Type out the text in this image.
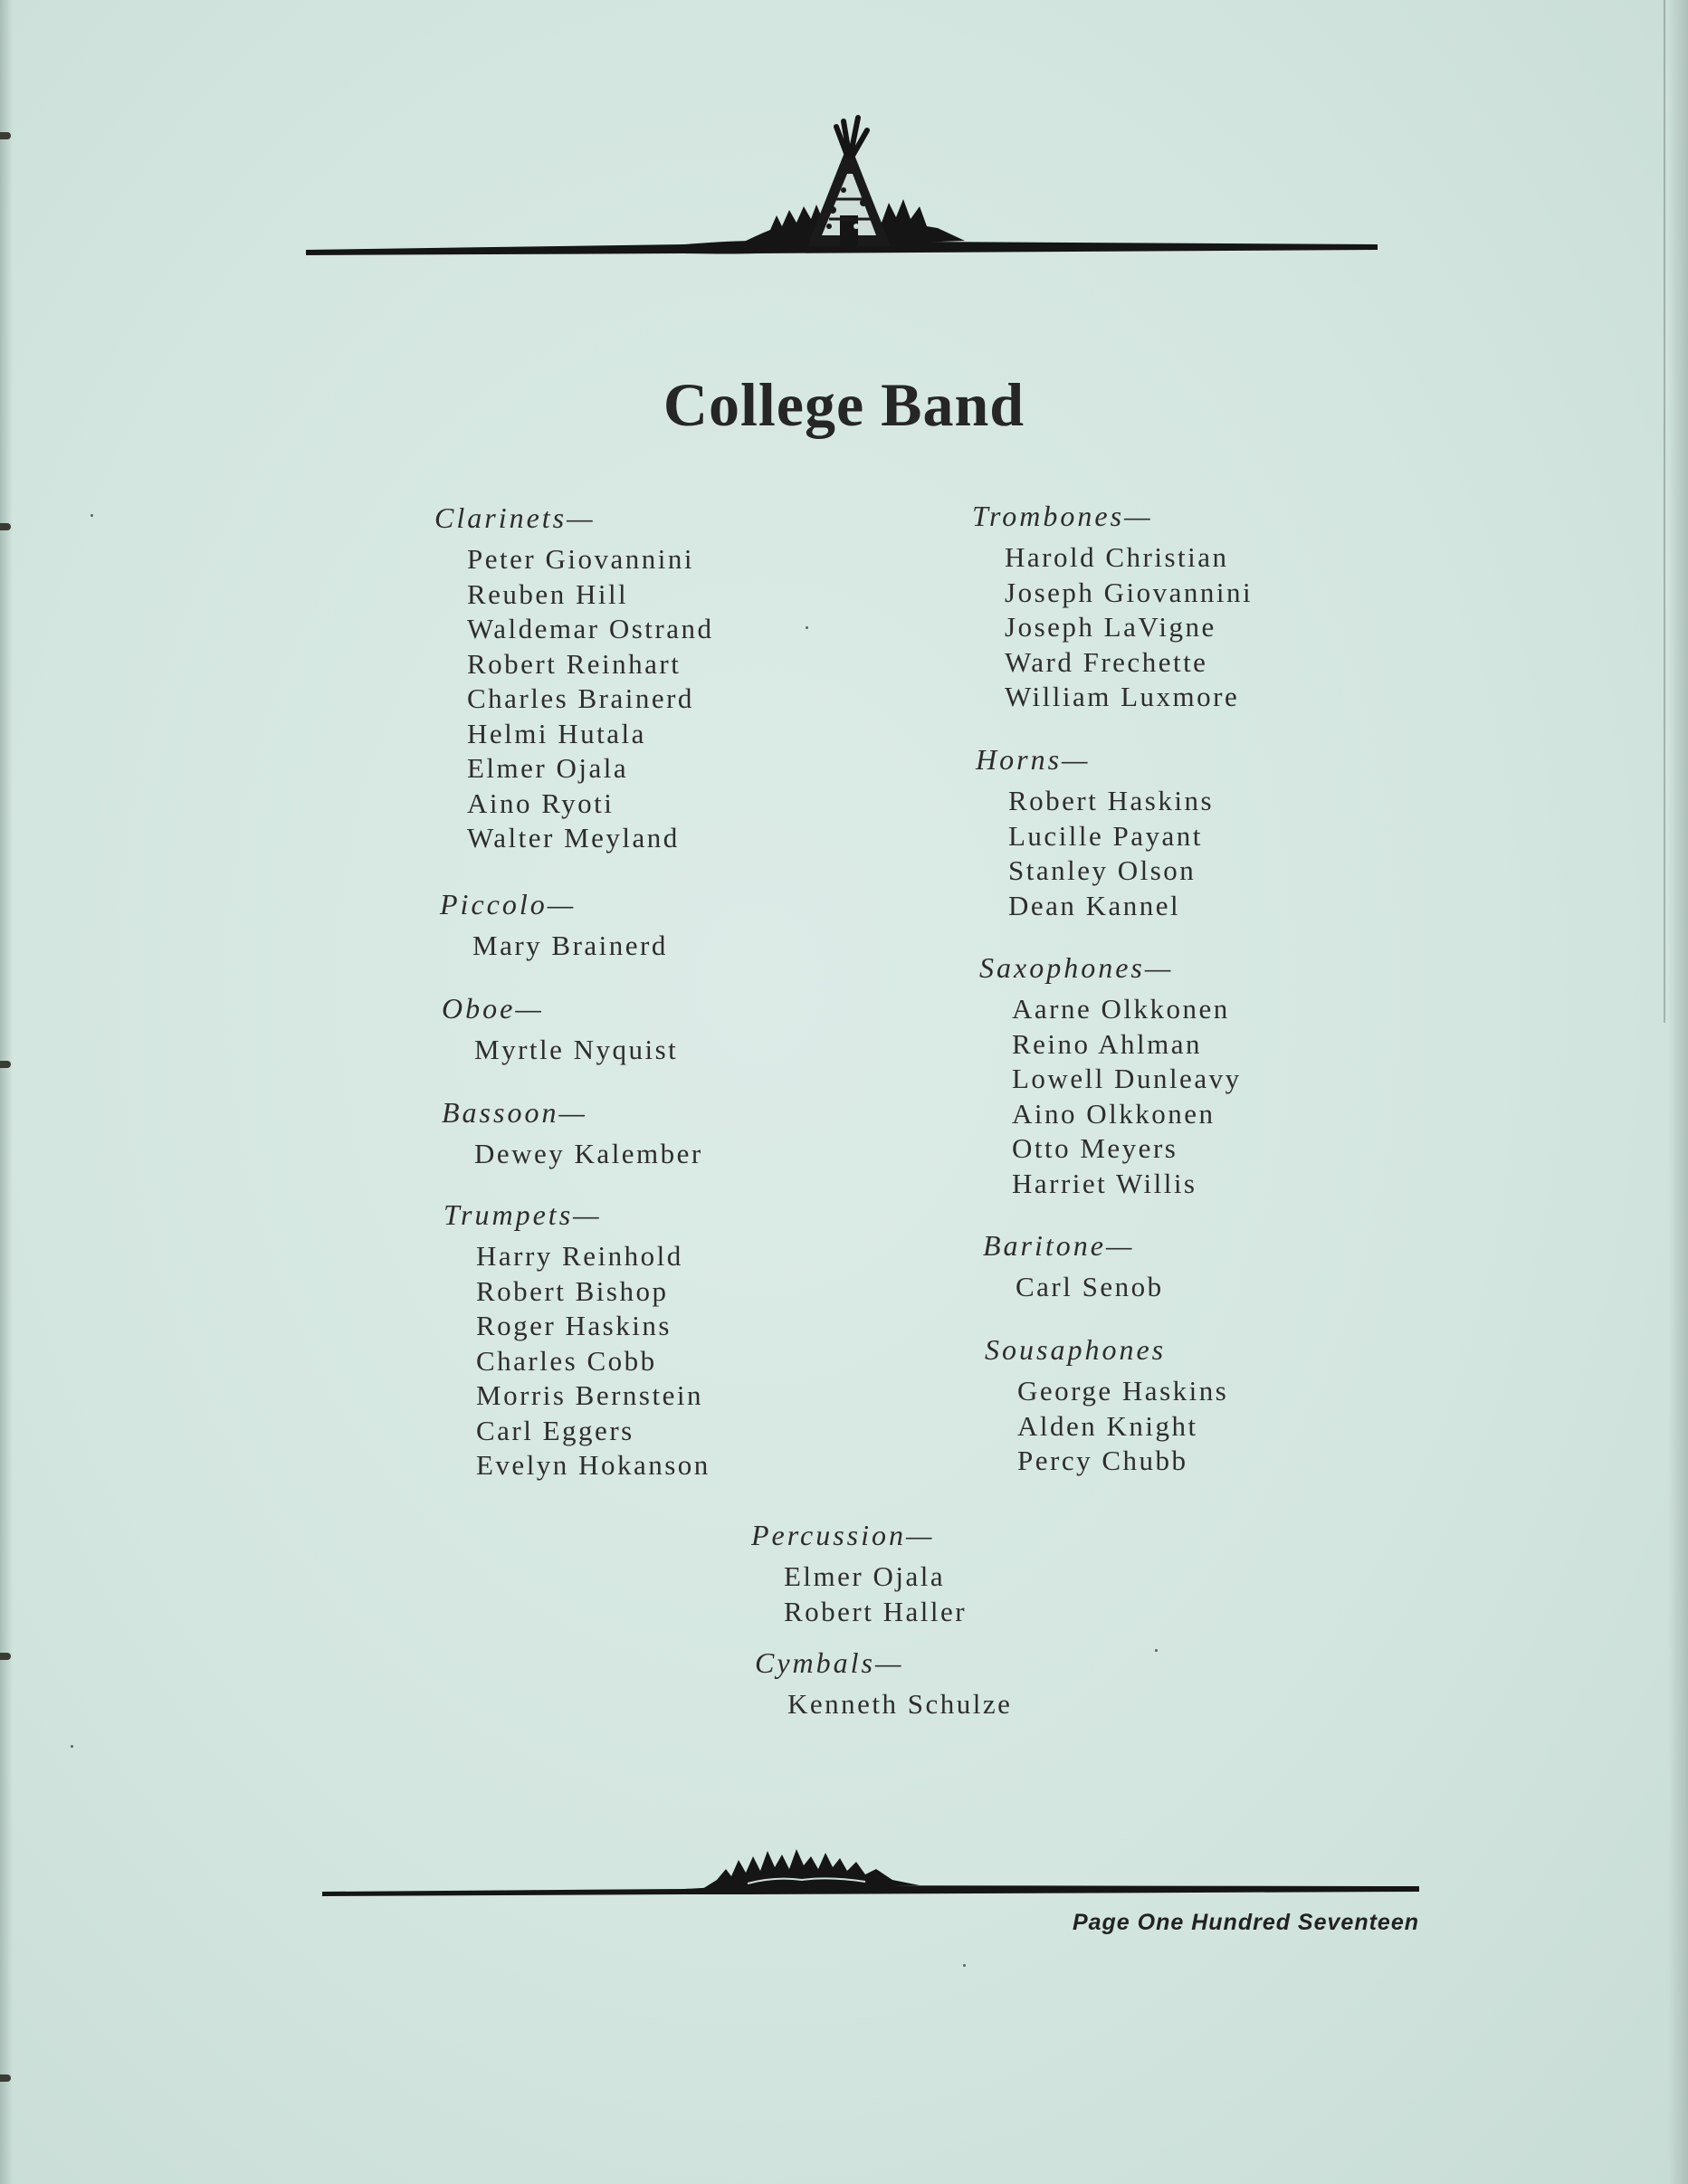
College Band
Clarinets—
Peter Giovannini
Reuben Hill
Waldemar Ostrand
Robert Reinhart
Charles Brainerd
Helmi Hutala
Elmer Ojala
Aino Ryoti
Walter Meyland
Piccolo—
Mary Brainerd
Oboe—
Myrtle Nyquist
Bassoon—
Dewey Kalember
Trumpets—
Harry Reinhold
Robert Bishop
Roger Haskins
Charles Cobb
Morris Bernstein
Carl Eggers
Evelyn Hokanson
Trombones—
Harold Christian
Joseph Giovannini
Joseph LaVigne
Ward Frechette
William Luxmore
Horns—
Robert Haskins
Lucille Payant
Stanley Olson
Dean Kannel
Saxophones—
Aarne Olkkonen
Reino Ahlman
Lowell Dunleavy
Aino Olkkonen
Otto Meyers
Harriet Willis
Baritone—
Carl Senob
Sousaphones
George Haskins
Alden Knight
Percy Chubb
Percussion—
Elmer Ojala
Robert Haller
Cymbals—
Kenneth Schulze
Page One Hundred Seventeen
